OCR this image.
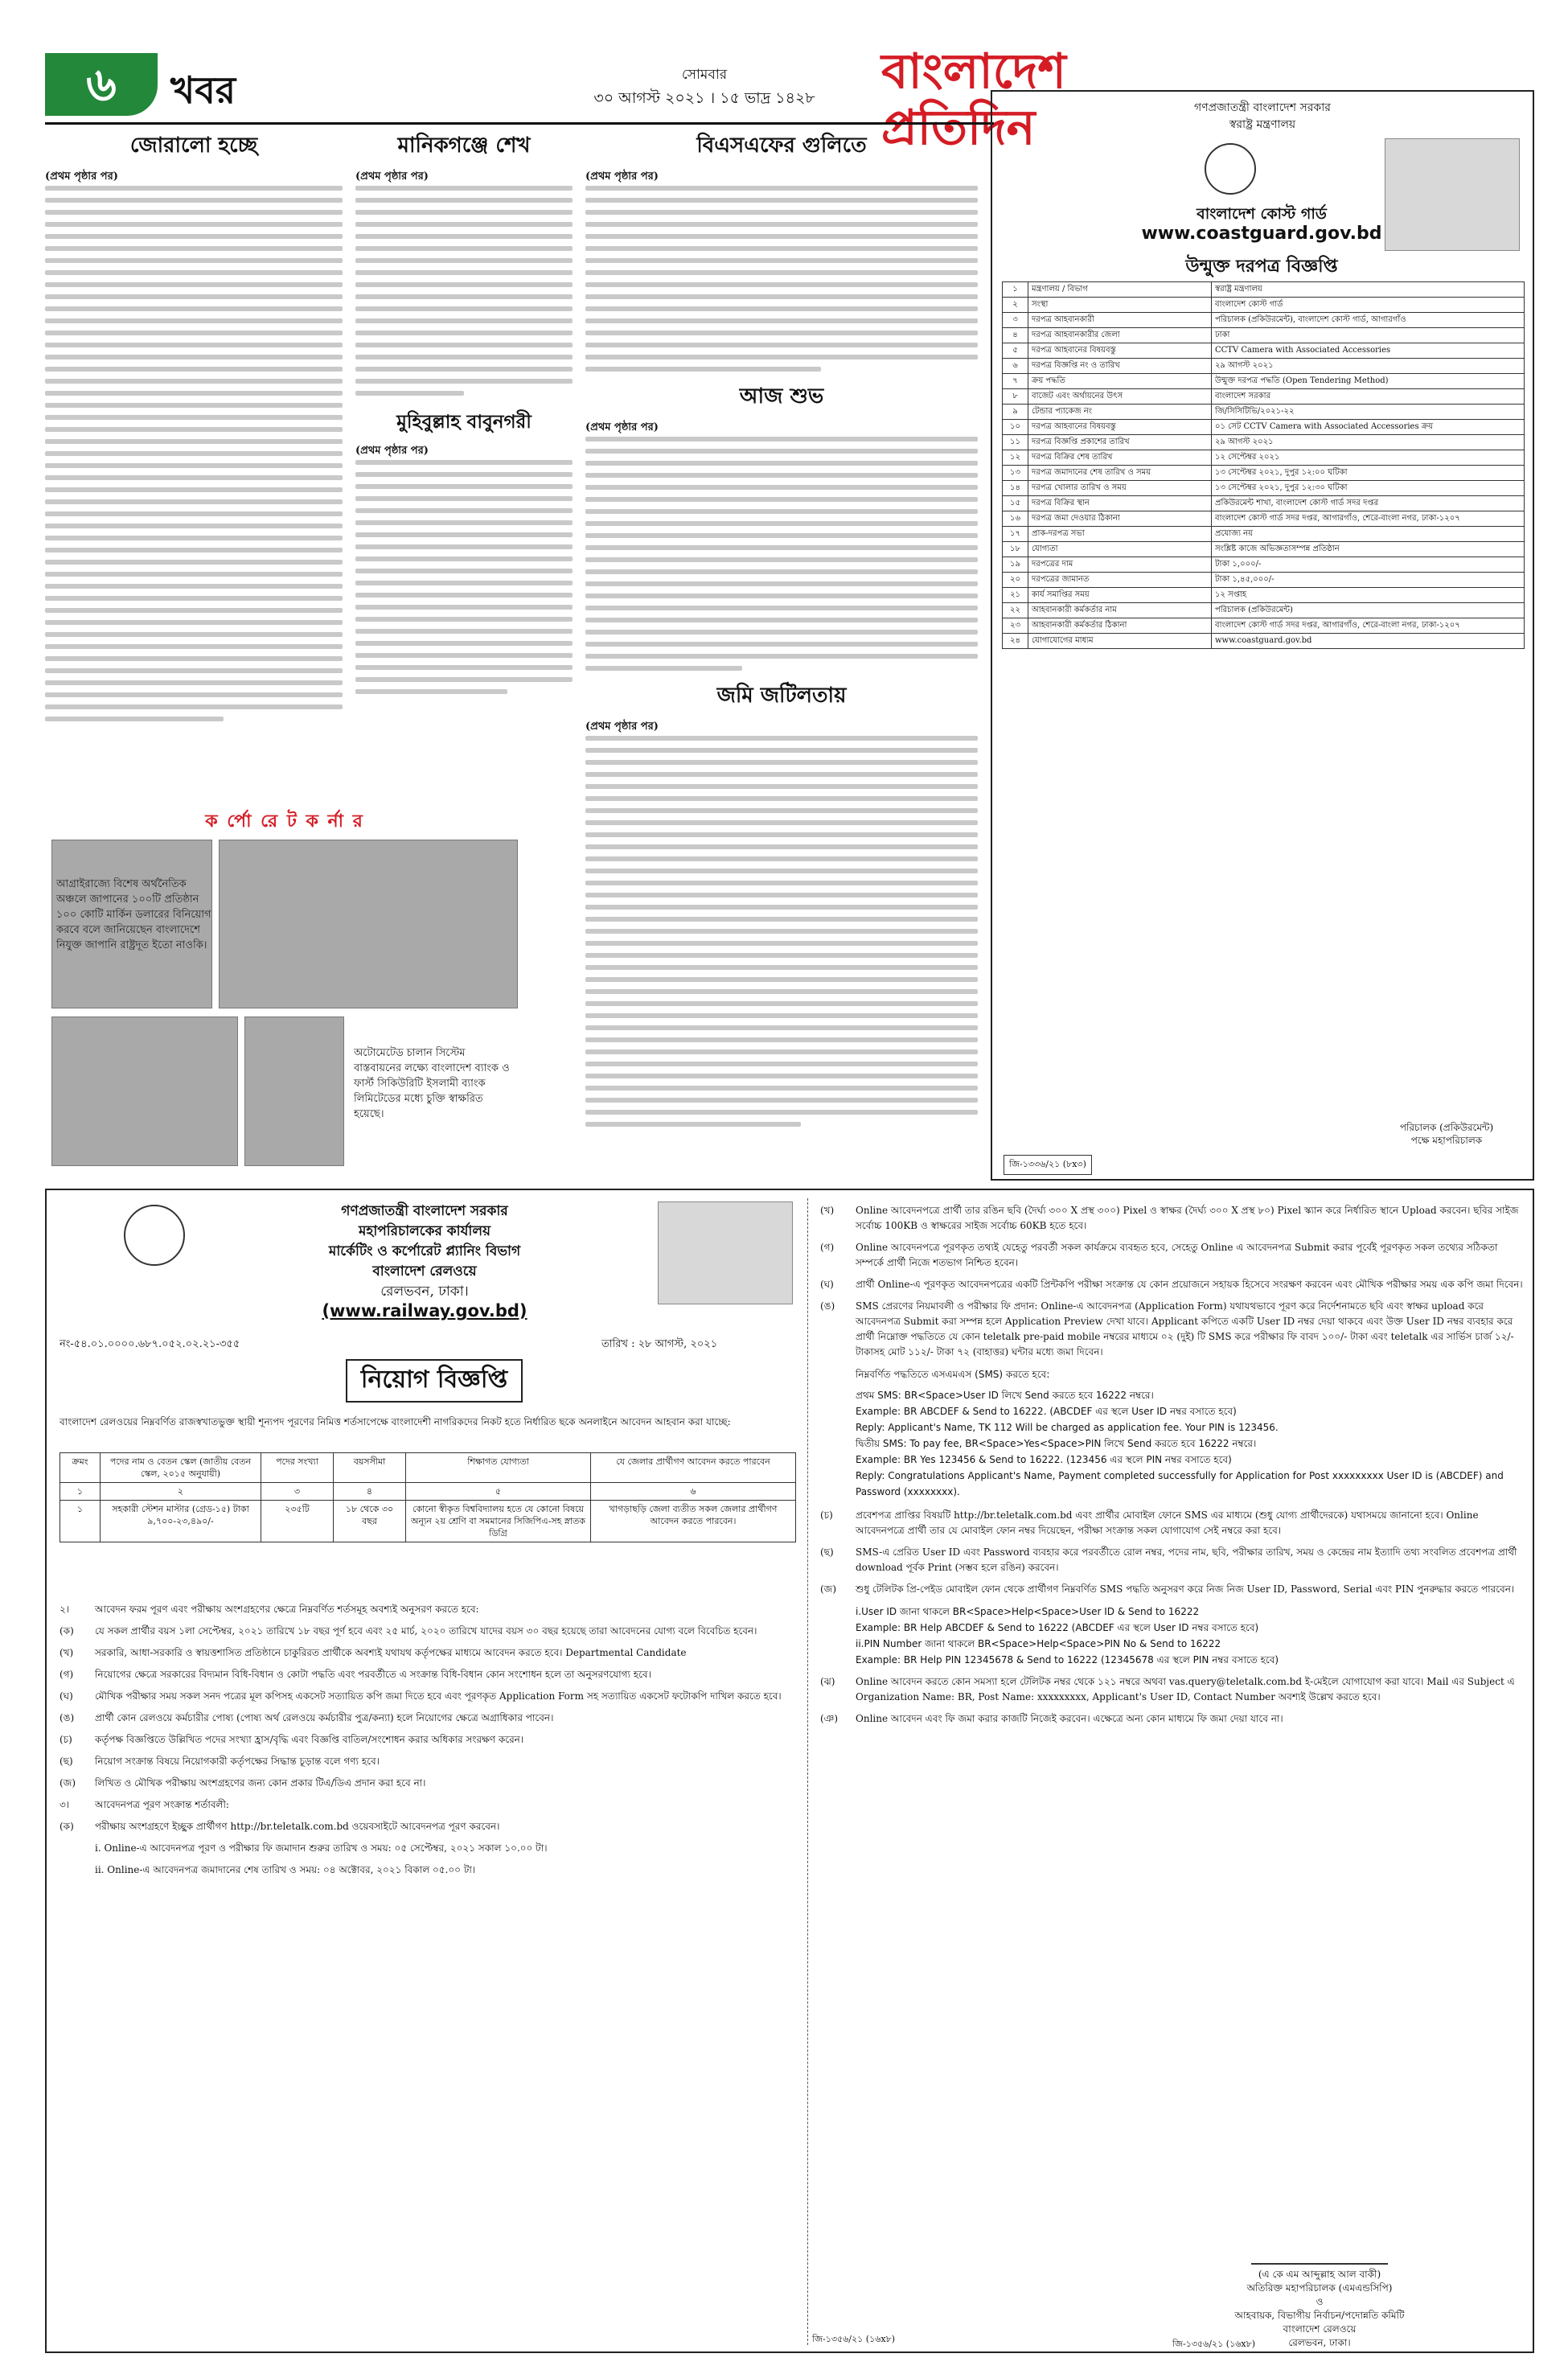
৬	খবর	সোমবার
৩০ আগস্ট ২০২১ । ১৫ ভাদ্র ১৪২৮	বাংলাদেশ প্রতিদিন
জোরালো হচ্ছে
(প্রথম পৃষ্ঠার পর)
মানিকগঞ্জে শেখ
(প্রথম পৃষ্ঠার পর)
মুহিবুল্লাহ বাবুনগরী
(প্রথম পৃষ্ঠার পর)
বিএসএফের গুলিতে
(প্রথম পৃষ্ঠার পর)
আজ শুভ
(প্রথম পৃষ্ঠার পর)
জমি জটিলতায়
(প্রথম পৃষ্ঠার পর)
ক র্পো রে ট ক র্না র
আগ্রাইরাজ্যে বিশেষ অর্থনৈতিক অঞ্চলে জাপানের ১০০টি প্রতিষ্ঠান ১০০ কোটি মার্কিন ডলারের বিনিয়োগ করবে বলে জানিয়েছেন বাংলাদেশে নিযুক্ত জাপানি রাষ্ট্রদূত ইতো নাওকি।
অটোমেটেড চালান সিস্টেম বাস্তবায়নের লক্ষ্যে বাংলাদেশ ব্যাংক ও ফার্স্ট সিকিউরিটি ইসলামী ব্যাংক লিমিটেডের মধ্যে চুক্তি স্বাক্ষরিত হয়েছে।
গণপ্রজাতন্ত্রী বাংলাদেশ সরকার
স্বরাষ্ট্র মন্ত্রণালয়
বাংলাদেশ কোস্ট গার্ড
www.coastguard.gov.bd
উন্মুক্ত দরপত্র বিজ্ঞপ্তি
১	মন্ত্রণালয় / বিভাগ	স্বরাষ্ট্র মন্ত্রণালয়
২	সংস্থা	বাংলাদেশ কোস্ট গার্ড
৩	দরপত্র আহবানকারী	পরিচালক (প্রকিউরমেন্ট), বাংলাদেশ কোস্ট গার্ড, আগারগাঁও
৪	দরপত্র আহবানকারীর জেলা	ঢাকা
৫	দরপত্র আহবানের বিষয়বস্তু	CCTV Camera with Associated Accessories
৬	দরপত্র বিজ্ঞপ্তি নং ও তারিখ	২৯ আগস্ট ২০২১
৭	ক্রয় পদ্ধতি	উন্মুক্ত দরপত্র পদ্ধতি (Open Tendering Method)
৮	বাজেট এবং অর্থায়নের উৎস	বাংলাদেশ সরকার
৯	টেন্ডার প্যাকেজ নং	জি/সিসিটিভি/২০২১-২২
১০	দরপত্র আহবানের বিষয়বস্তু	০১ সেট CCTV Camera with Associated Accessories ক্রয়
১১	দরপত্র বিজ্ঞপ্তি প্রকাশের তারিখ	২৯ আগস্ট ২০২১
১২	দরপত্র বিক্রির শেষ তারিখ	১২ সেপ্টেম্বর ২০২১
১৩	দরপত্র জমাদানের শেষ তারিখ ও সময়	১৩ সেপ্টেম্বর ২০২১, দুপুর ১২:০০ ঘটিকা
১৪	দরপত্র খোলার তারিখ ও সময়	১৩ সেপ্টেম্বর ২০২১, দুপুর ১২:৩০ ঘটিকা
১৫	দরপত্র বিক্রির স্থান	প্রকিউরমেন্ট শাখা, বাংলাদেশ কোস্ট গার্ড সদর দপ্তর
১৬	দরপত্র জমা দেওয়ার ঠিকানা	বাংলাদেশ কোস্ট গার্ড সদর দপ্তর, আগারগাঁও, শেরে-বাংলা নগর, ঢাকা-১২০৭
১৭	প্রাক-দরপত্র সভা	প্রযোজ্য নয়
১৮	যোগ্যতা	সংশ্লিষ্ট কাজে অভিজ্ঞতাসম্পন্ন প্রতিষ্ঠান
১৯	দরপত্রের দাম	টাকা ১,০০০/-
২০	দরপত্রের জামানত	টাকা ১,৪৫,০০০/-
২১	কার্য সমাপ্তির সময়	১২ সপ্তাহ
২২	আহবানকারী কর্মকর্তার নাম	পরিচালক (প্রকিউরমেন্ট)
২৩	আহবানকারী কর্মকর্তার ঠিকানা	বাংলাদেশ কোস্ট গার্ড সদর দপ্তর, আগারগাঁও, শেরে-বাংলা নগর, ঢাকা-১২০৭
২৪	যোগাযোগের মাধ্যম	www.coastguard.gov.bd
পরিচালক (প্রকিউরমেন্ট)
পক্ষে মহাপরিচালক
জি-১৩৩৬/২১ (৮x৩)
গণপ্রজাতন্ত্রী বাংলাদেশ সরকার
মহাপরিচালকের কার্যালয়
মার্কেটিং ও কর্পোরেট প্ল্যানিং বিভাগ
বাংলাদেশ রেলওয়ে
রেলভবন, ঢাকা।
(www.railway.gov.bd)
নং-৫৪.০১.০০০০.৬৮৭.০৫২.০২.২১-৩৫৫	তারিখ : ২৮ আগস্ট, ২০২১
নিয়োগ বিজ্ঞপ্তি
বাংলাদেশ রেলওয়ের নিম্নবর্ণিত রাজস্বখাতভুক্ত স্থায়ী শূন্যপদ পূরণের নিমিত্ত শর্তসাপেক্ষে বাংলাদেশী নাগরিকদের নিকট হতে নির্ধারিত ছকে অনলাইনে আবেদন আহবান করা যাচ্ছে:
ক্রমং	পদের নাম ও বেতন স্কেল (জাতীয় বেতন স্কেল, ২০১৫ অনুযায়ী)	পদের সংখ্যা	বয়সসীমা	শিক্ষাগত যোগ্যতা	যে জেলার প্রার্থীগণ আবেদন করতে পারবেন
১	২	৩	৪	৫	৬
১	সহকারী স্টেশন মাস্টার (গ্রেড-১৫) টাকা ৯,৭০০-২৩,৪৯০/-	২৩৫টি	১৮ থেকে ৩০ বছর	কোনো স্বীকৃত বিশ্ববিদ্যালয় হতে যে কোনো বিষয়ে অন্যূন ২য় শ্রেণি বা সমমানের সিজিপিএ-সহ স্নাতক ডিগ্রি	খাগড়াছড়ি জেলা ব্যতীত সকল জেলার প্রার্থীগণ আবেদন করতে পারবেন।
২।	আবেদন ফরম পূরণ এবং পরীক্ষায় অংশগ্রহণের ক্ষেত্রে নিম্নবর্ণিত শর্তসমূহ অবশ্যই অনুসরণ করতে হবে:
(ক)	যে সকল প্রার্থীর বয়স ১লা সেপ্টেম্বর, ২০২১ তারিখে ১৮ বছর পূর্ণ হবে এবং ২৫ মার্চ, ২০২০ তারিখে যাদের বয়স ৩০ বছর হয়েছে তারা আবেদনের যোগ্য বলে বিবেচিত হবেন।
(খ)	সরকারি, আধা-সরকারি ও স্বায়ত্তশাসিত প্রতিষ্ঠানে চাকুরিরত প্রার্থীকে অবশ্যই যথাযথ কর্তৃপক্ষের মাধ্যমে আবেদন করতে হবে। Departmental Candidate
(গ)	নিয়োগের ক্ষেত্রে সরকারের বিদ্যমান বিধি-বিধান ও কোটা পদ্ধতি এবং পরবর্তীতে এ সংক্রান্ত বিধি-বিধান কোন সংশোধন হলে তা অনুসরণযোগ্য হবে।
(ঘ)	মৌখিক পরীক্ষার সময় সকল সনদ পত্রের মূল কপিসহ একসেট সত্যায়িত কপি জমা দিতে হবে এবং পূরণকৃত Application Form সহ সত্যায়িত একসেট ফটোকপি দাখিল করতে হবে।
(ঙ)	প্রার্থী কোন রেলওয়ে কর্মচারীর পোষ্য (পোষ্য অর্থ রেলওয়ে কর্মচারীর পুত্র/কন্যা) হলে নিয়োগের ক্ষেত্রে অগ্রাধিকার পাবেন।
(চ)	কর্তৃপক্ষ বিজ্ঞপ্তিতে উল্লিখিত পদের সংখ্যা হ্রাস/বৃদ্ধি এবং বিজ্ঞপ্তি বাতিল/সংশোধন করার অধিকার সংরক্ষণ করেন।
(ছ)	নিয়োগ সংক্রান্ত বিষয়ে নিয়োগকারী কর্তৃপক্ষের সিদ্ধান্ত চূড়ান্ত বলে গণ্য হবে।
(জ)	লিখিত ও মৌখিক পরীক্ষায় অংশগ্রহণের জন্য কোন প্রকার টিএ/ডিএ প্রদান করা হবে না।
৩।	আবেদনপত্র পূরণ সংক্রান্ত শর্তাবলী:
(ক)	পরীক্ষায় অংশগ্রহণে ইচ্ছুক প্রার্থীগণ http://br.teletalk.com.bd ওয়েবসাইটে আবেদনপত্র পূরণ করবেন।
i. Online-এ আবেদনপত্র পূরণ ও পরীক্ষার ফি জমাদান শুরুর তারিখ ও সময়: ০৫ সেপ্টেম্বর, ২০২১ সকাল ১০.০০ টা।
ii. Online-এ আবেদনপত্র জমাদানের শেষ তারিখ ও সময়: ০৪ অক্টোবর, ২০২১ বিকাল ০৫.০০ টা।
(খ)	Online আবেদনপত্রে প্রার্থী তার রঙিন ছবি (দৈর্ঘ্য ৩০০ X প্রস্থ ৩০০) Pixel ও স্বাক্ষর (দৈর্ঘ্য ৩০০ X প্রস্থ ৮০) Pixel স্ক্যান করে নির্ধারিত স্থানে Upload করবেন। ছবির সাইজ সর্বোচ্চ 100KB ও স্বাক্ষরের সাইজ সর্বোচ্চ 60KB হতে হবে।
(গ)	Online আবেদনপত্রে পূরণকৃত তথ্যই যেহেতু পরবর্তী সকল কার্যক্রমে ব্যবহৃত হবে, সেহেতু Online এ আবেদনপত্র Submit করার পূর্বেই পূরণকৃত সকল তথ্যের সঠিকতা সম্পর্কে প্রার্থী নিজে শতভাগ নিশ্চিত হবেন।
(ঘ)	প্রার্থী Online-এ পূরণকৃত আবেদনপত্রের একটি প্রিন্টকপি পরীক্ষা সংক্রান্ত যে কোন প্রয়োজনে সহায়ক হিসেবে সংরক্ষণ করবেন এবং মৌখিক পরীক্ষার সময় এক কপি জমা দিবেন।
(ঙ)	SMS প্রেরণের নিয়মাবলী ও পরীক্ষার ফি প্রদান: Online-এ আবেদনপত্র (Application Form) যথাযথভাবে পূরণ করে নির্দেশনামতে ছবি এবং স্বাক্ষর upload করে আবেদনপত্র Submit করা সম্পন্ন হলে Application Preview দেখা যাবে। Applicant কপিতে একটি User ID নম্বর দেয়া থাকবে এবং উক্ত User ID নম্বর ব্যবহার করে প্রার্থী নিম্নোক্ত পদ্ধতিতে যে কোন teletalk pre-paid mobile নম্বরের মাধ্যমে ০২ (দুই) টি SMS করে পরীক্ষার ফি বাবদ ১০০/- টাকা এবং teletalk এর সার্ভিস চার্জ ১২/- টাকাসহ মোট ১১২/- টাকা ৭২ (বাহাত্তর) ঘন্টার মধ্যে জমা দিবেন।
নিম্নবর্ণিত পদ্ধতিতে এসএমএস (SMS) করতে হবে:
প্রথম SMS: BR<Space>User ID লিখে Send করতে হবে 16222 নম্বরে।
Example: BR ABCDEF & Send to 16222. (ABCDEF এর স্থলে User ID নম্বর বসাতে হবে)
Reply: Applicant's Name, TK 112 Will be charged as application fee. Your PIN is 123456.
দ্বিতীয় SMS: To pay fee, BR<Space>Yes<Space>PIN লিখে Send করতে হবে 16222 নম্বরে।
Example: BR Yes 123456 & Send to 16222. (123456 এর স্থলে PIN নম্বর বসাতে হবে)
Reply: Congratulations Applicant's Name, Payment completed successfully for Application for Post xxxxxxxxx User ID is (ABCDEF) and Password (xxxxxxxx).
(চ)	প্রবেশপত্র প্রাপ্তির বিষয়টি http://br.teletalk.com.bd এবং প্রার্থীর মোবাইল ফোনে SMS এর মাধ্যমে (শুধু যোগ্য প্রার্থীদেরকে) যথাসময়ে জানানো হবে। Online আবেদনপত্রে প্রার্থী তার যে মোবাইল ফোন নম্বর দিয়েছেন, পরীক্ষা সংক্রান্ত সকল যোগাযোগ সেই নম্বরে করা হবে।
(ছ)	SMS-এ প্রেরিত User ID এবং Password ব্যবহার করে পরবর্তীতে রোল নম্বর, পদের নাম, ছবি, পরীক্ষার তারিখ, সময় ও কেন্দ্রের নাম ইত্যাদি তথ্য সংবলিত প্রবেশপত্র প্রার্থী download পূর্বক Print (সম্ভব হলে রঙিন) করবেন।
(জ)	শুধু টেলিটক প্রি-পেইড মোবাইল ফোন থেকে প্রার্থীগণ নিম্নবর্ণিত SMS পদ্ধতি অনুসরণ করে নিজ নিজ User ID, Password, Serial এবং PIN পুনরুদ্ধার করতে পারবেন।
i.User ID জানা থাকলে BR<Space>Help<Space>User ID & Send to 16222
Example: BR Help ABCDEF & Send to 16222 (ABCDEF এর স্থলে User ID নম্বর বসাতে হবে)
ii.PIN Number জানা থাকলে BR<Space>Help<Space>PIN No & Send to 16222
Example: BR Help PIN 12345678 & Send to 16222 (12345678 এর স্থলে PIN নম্বর বসাতে হবে)
(ঝ)	Online আবেদন করতে কোন সমস্যা হলে টেলিটক নম্বর থেকে ১২১ নম্বরে অথবা vas.query@teletalk.com.bd ই-মেইলে যোগাযোগ করা যাবে। Mail এর Subject এ Organization Name: BR, Post Name: xxxxxxxxx, Applicant's User ID, Contact Number অবশ্যই উল্লেখ করতে হবে।
(ঞ)	Online আবেদন এবং ফি জমা করার কাজটি নিজেই করবেন। এক্ষেত্রে অন্য কোন মাধ্যমে ফি জমা দেয়া যাবে না।
(এ কে এম আব্দুল্লাহ আল বাকী)
অতিরিক্ত মহাপরিচালক (এমএন্ডসিপি)
ও
আহবায়ক, বিভাগীয় নির্বাচন/পদোন্নতি কমিটি
বাংলাদেশ রেলওয়ে
রেলভবন, ঢাকা।
জি-১৩৫৬/২১ (১৬x৮)	জি-১৩৫৬/২১ (১৬x৮)
